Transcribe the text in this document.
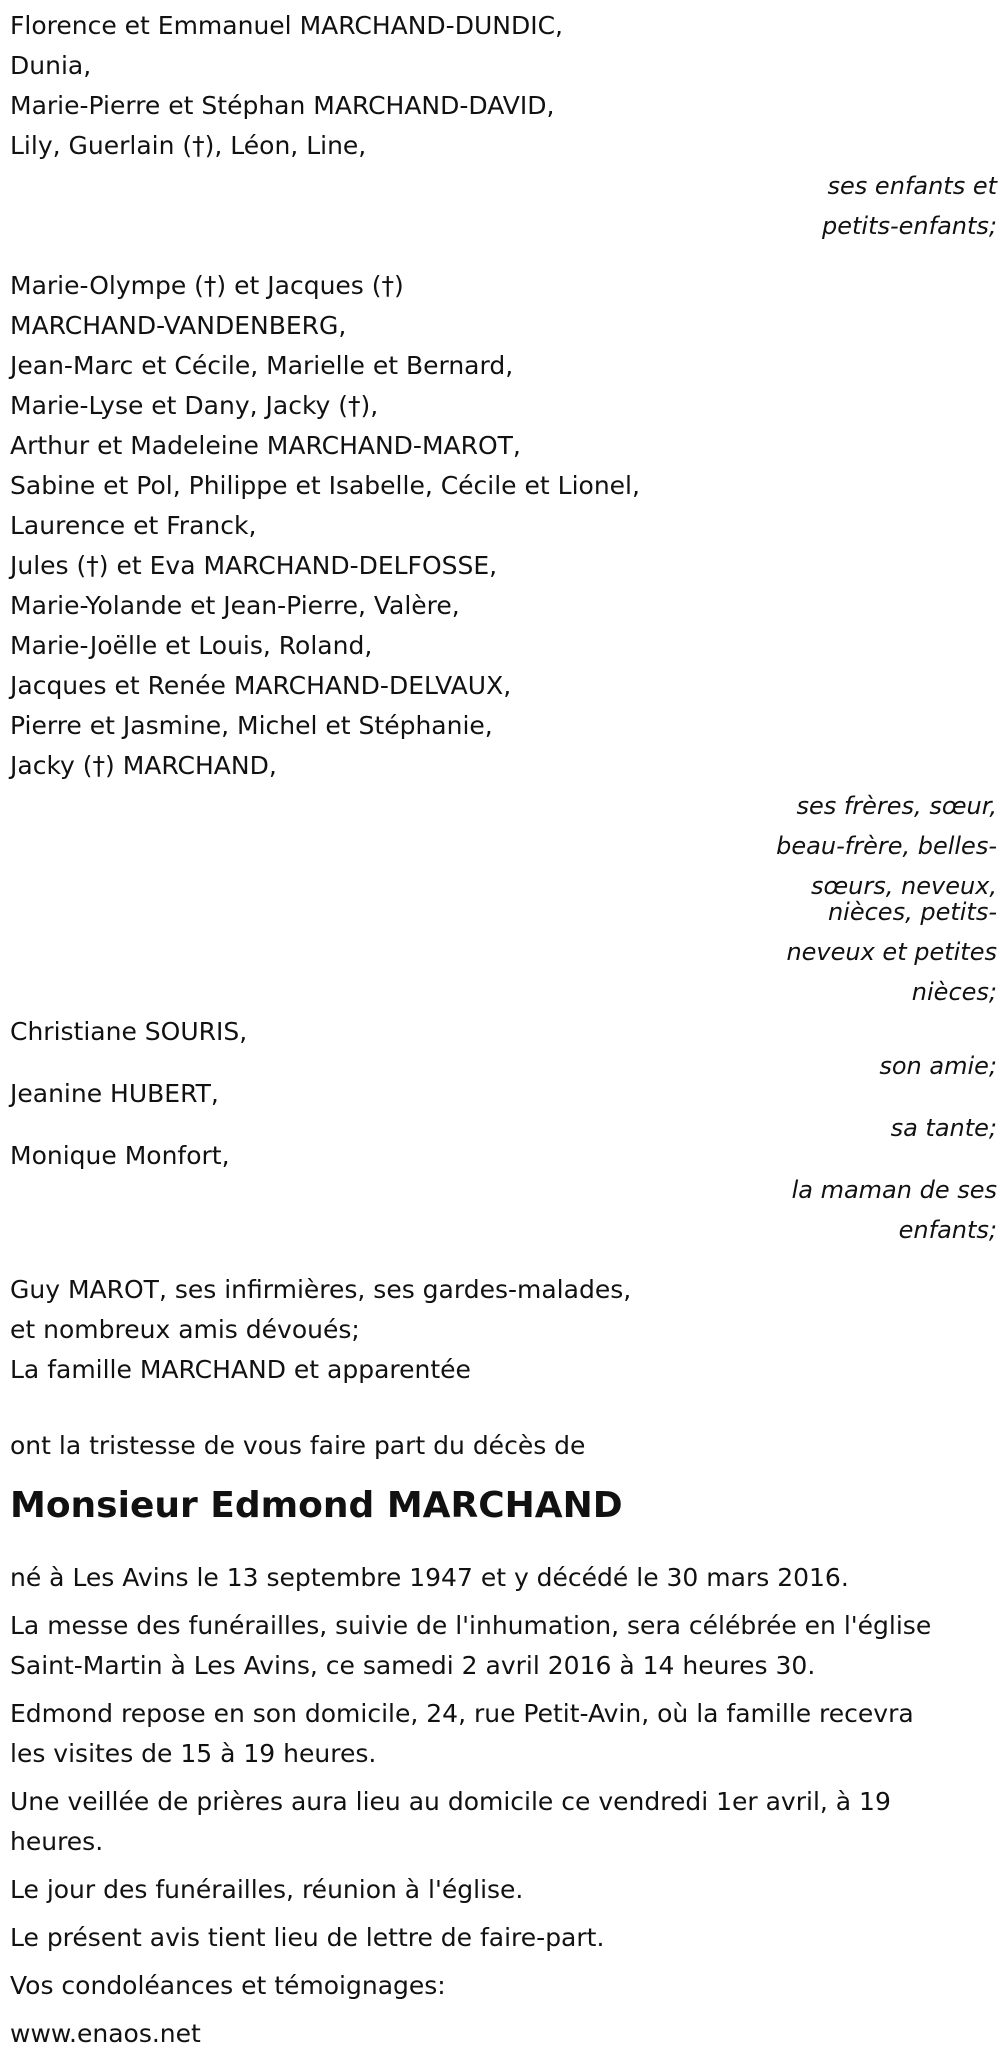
Florence et Emmanuel MARCHAND-DUNDIC,
Dunia,
Marie-Pierre et Stéphan MARCHAND-DAVID,
Lily, Guerlain (†), Léon, Line,
ses enfants et
petits-enfants;
Marie-Olympe (†) et Jacques (†)
MARCHAND-VANDENBERG,
Jean-Marc et Cécile, Marielle et Bernard,
Marie-Lyse et Dany, Jacky (†),
Arthur et Madeleine MARCHAND-MAROT,
Sabine et Pol, Philippe et Isabelle, Cécile et Lionel,
Laurence et Franck,
Jules (†) et Eva MARCHAND-DELFOSSE,
Marie-Yolande et Jean-Pierre, Valère,
Marie-Joëlle et Louis, Roland,
Jacques et Renée MARCHAND-DELVAUX,
Pierre et Jasmine, Michel et Stéphanie,
Jacky (†) MARCHAND,
ses frères, sœur,
beau-frère, belles-
sœurs, neveux,
nièces, petits-
neveux et petites
nièces;
Christiane SOURIS,
son amie;
Jeanine HUBERT,
sa tante;
Monique Monfort,
la maman de ses
enfants;
Guy MAROT, ses infirmières, ses gardes-malades,
et nombreux amis dévoués;
La famille MARCHAND et apparentée
ont la tristesse de vous faire part du décès de
Monsieur Edmond MARCHAND

né à Les Avins le 13 septembre 1947 et y décédé le 30 mars 2016.

La messe des funérailles, suivie de l'inhumation, sera célébrée en l'église
Saint-Martin à Les Avins, ce samedi 2 avril 2016 à 14 heures 30.
Edmond repose en son domicile, 24, rue Petit-Avin, où la famille recevra
les visites de 15 à 19 heures.
Une veillée de prières aura lieu au domicile ce vendredi 1er avril, à 19
heures.

Le jour des funérailles, réunion à l'église.

Le présent avis tient lieu de lettre de faire-part.

Vos condoléances et témoignages:

www.enaos.net
